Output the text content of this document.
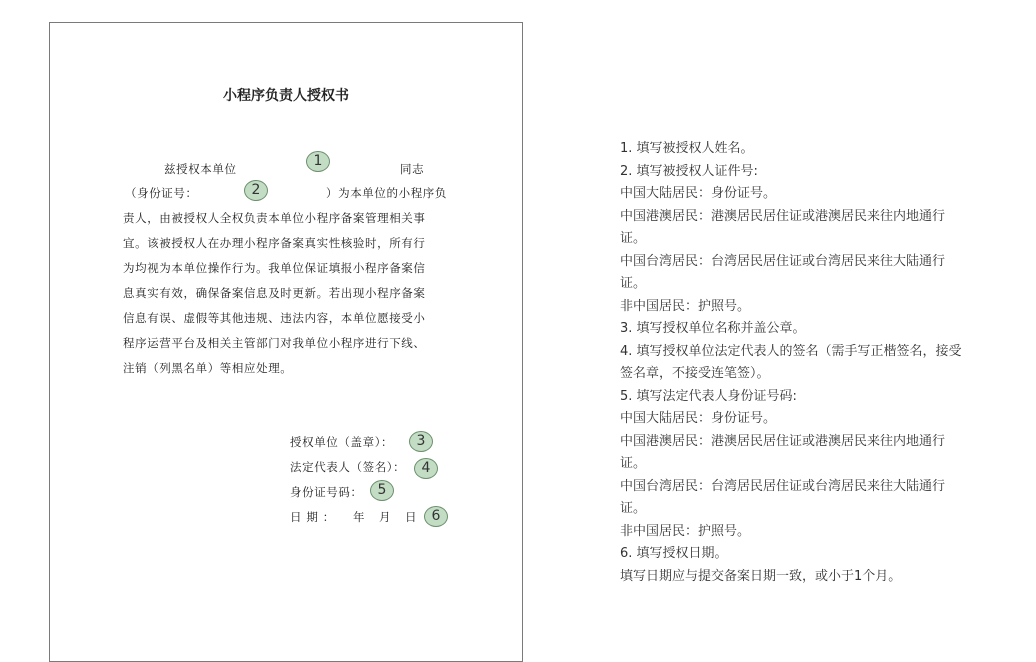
小程序负责人授权书
兹授权本单位	1	同志
（身份证号：	2	）为本单位的小程序负
责人，由被授权人全权负责本单位小程序备案管理相关事
宜。该被授权人在办理小程序备案真实性核验时，所有行
为均视为本单位操作行为。我单位保证填报小程序备案信
息真实有效，确保备案信息及时更新。若出现小程序备案
信息有误、虚假等其他违规、违法内容，本单位愿接受小
程序运营平台及相关主管部门对我单位小程序进行下线、
注销（列黑名单）等相应处理。
授权单位（盖章）：	3
法定代表人（签名）：	4
身份证号码：	5
日 期 ： 年 月 日	6
1. 填写被授权人姓名。
2. 填写被授权人证件号:
中国大陆居民：身份证号。
中国港澳居民：港澳居民居住证或港澳居民来往内地通行证。
中国台湾居民：台湾居民居住证或台湾居民来往大陆通行证。
非中国居民：护照号。
3. 填写授权单位名称并盖公章。
4. 填写授权单位法定代表人的签名（需手写正楷签名，接受签名章，不接受连笔签）。
5. 填写法定代表人身份证号码:
中国大陆居民：身份证号。
中国港澳居民：港澳居民居住证或港澳居民来往内地通行证。
中国台湾居民：台湾居民居住证或台湾居民来往大陆通行证。
非中国居民：护照号。
6. 填写授权日期。
填写日期应与提交备案日期一致，或小于1个月。
